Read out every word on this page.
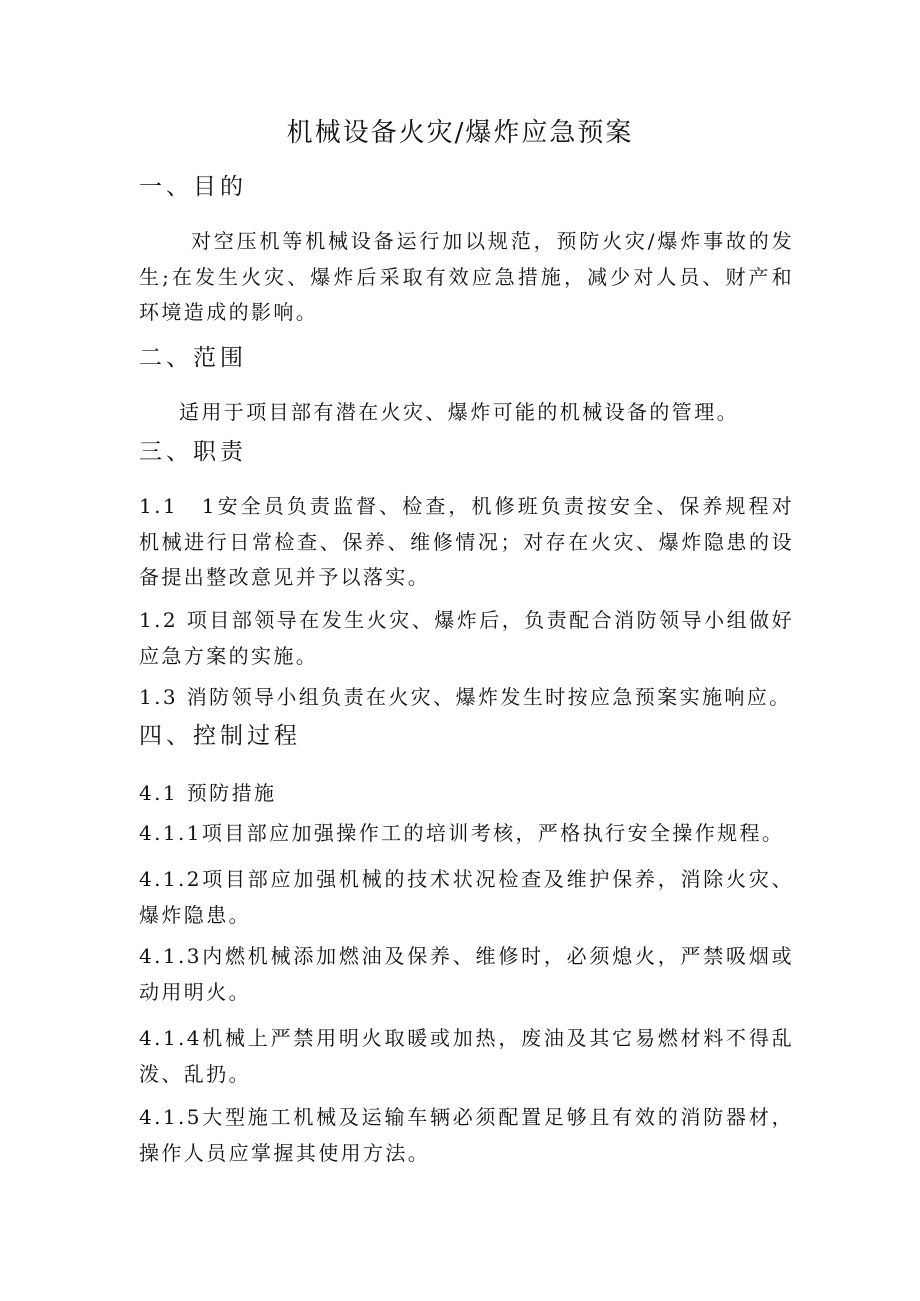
机械设备火灾/爆炸应急预案
一、目的

对空压机等机械设备运行加以规范，预防火灾/爆炸事故的发生;在发生火灾、爆炸后采取有效应急措施，减少对人员、财产和环境造成的影响。

二、范围

适用于项目部有潜在火灾、爆炸可能的机械设备的管理。

三、职责

1.1　1安全员负责监督、检查，机修班负责按安全、保养规程对机械进行日常检查、保养、维修情况；对存在火灾、爆炸隐患的设备提出整改意见并予以落实。

1.2 项目部领导在发生火灾、爆炸后，负责配合消防领导小组做好应急方案的实施。

1.3 消防领导小组负责在火灾、爆炸发生时按应急预案实施响应。

四、控制过程

4.1 预防措施

4.1.1项目部应加强操作工的培训考核，严格执行安全操作规程。

4.1.2项目部应加强机械的技术状况检查及维护保养，消除火灾、爆炸隐患。

4.1.3内燃机械添加燃油及保养、维修时，必须熄火，严禁吸烟或动用明火。

4.1.4机械上严禁用明火取暖或加热，废油及其它易燃材料不得乱泼、乱扔。

4.1.5大型施工机械及运输车辆必须配置足够且有效的消防器材，操作人员应掌握其使用方法。
